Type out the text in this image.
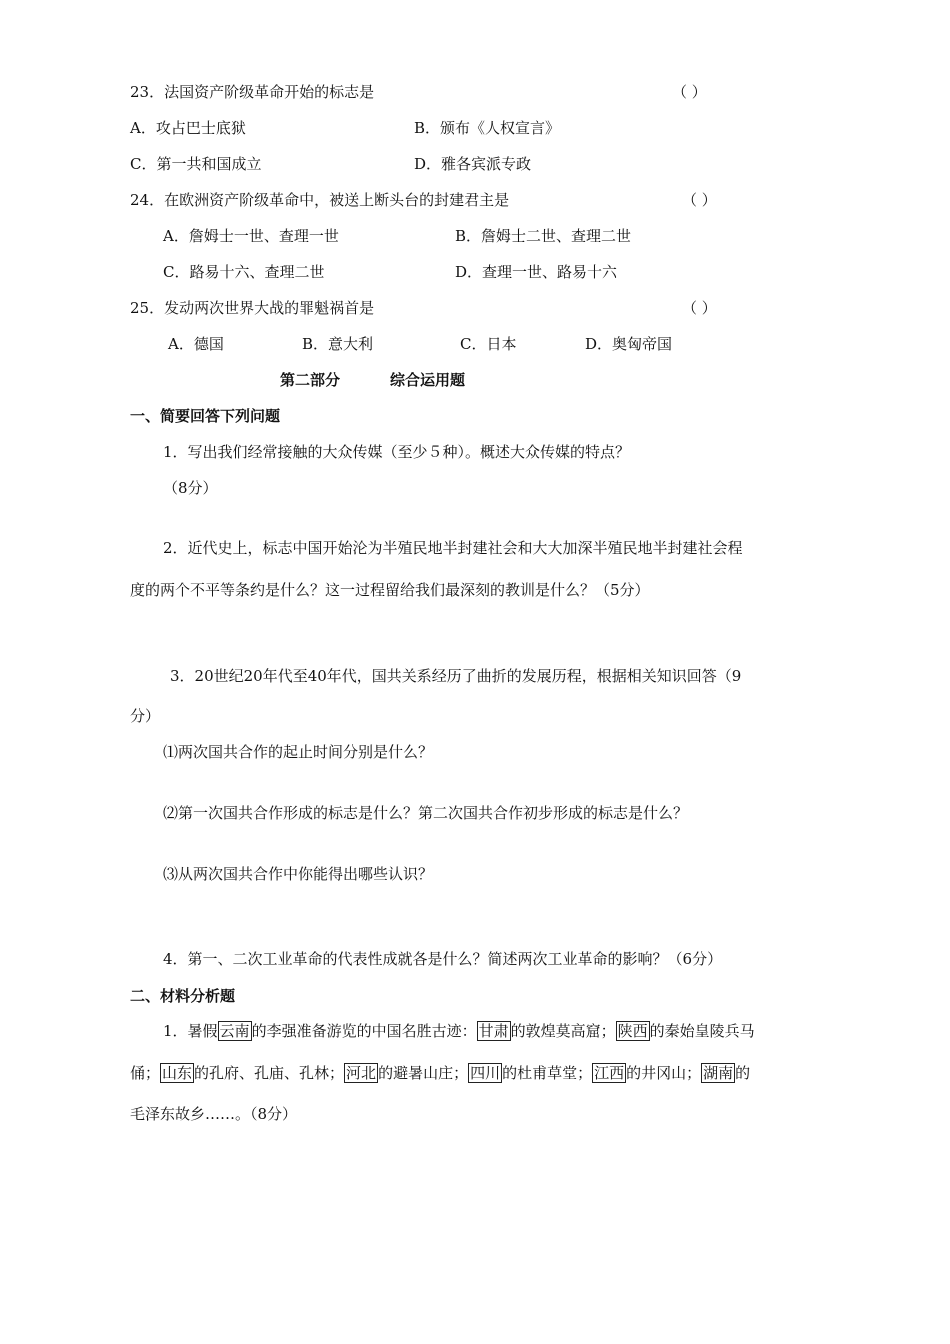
23．法国资产阶级革命开始的标志是	（ ）
A．攻占巴士底狱	B．颁布《人权宣言》
C．第一共和国成立	D．雅各宾派专政
24．在欧洲资产阶级革命中，被送上断头台的封建君主是	（ ）
A．詹姆士一世、查理一世	B．詹姆士二世、查理二世
C．路易十六、查理二世	D．查理一世、路易十六
25．发动两次世界大战的罪魁祸首是	（ ）
A．德国	B．意大利	C．日本	D．奥匈帝国
第二部分	综合运用题
一、简要回答下列问题
1．写出我们经常接触的大众传媒（至少５种）。概述大众传媒的特点？
（8分）
2．近代史上，标志中国开始沦为半殖民地半封建社会和大大加深半殖民地半封建社会程
度的两个不平等条约是什么？这一过程留给我们最深刻的教训是什么？（5分）
3．20世纪20年代至40年代，国共关系经历了曲折的发展历程，根据相关知识回答（9
分）
⑴两次国共合作的起止时间分别是什么？
⑵第一次国共合作形成的标志是什么？第二次国共合作初步形成的标志是什么？
⑶从两次国共合作中你能得出哪些认识？
4．第一、二次工业革命的代表性成就各是什么？简述两次工业革命的影响？（6分）
二、材料分析题
1．暑假 云南 的李强准备游览的中国名胜古迹： 甘肃 的敦煌莫高窟； 陕西 的秦始皇陵兵马
俑； 山东 的孔府、孔庙、孔林； 河北 的避暑山庄； 四川 的杜甫草堂； 江西 的井冈山； 湖南 的
毛泽东故乡……。（8分）
